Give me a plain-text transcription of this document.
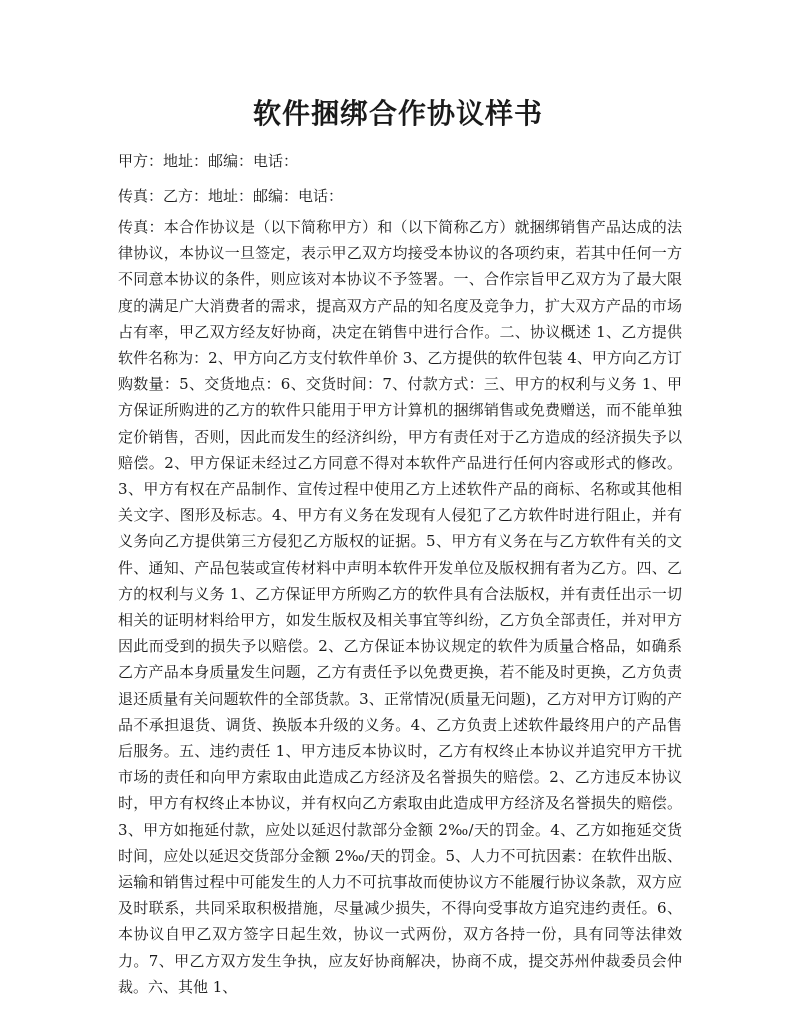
软件捆绑合作协议样书

甲方：地址：邮编：电话：

传真：乙方：地址：邮编：电话：

传真：本合作协议是（以下简称甲方）和（以下简称乙方）就捆绑销售产品达成的法律协议，本协议一旦签定，表示甲乙双方均接受本协议的各项约束，若其中任何一方不同意本协议的条件，则应该对本协议不予签署。一、合作宗旨甲乙双方为了最大限度的满足广大消费者的需求，提高双方产品的知名度及竞争力，扩大双方产品的市场占有率，甲乙双方经友好协商，决定在销售中进行合作。二、协议概述 1、乙方提供软件名称为：2、甲方向乙方支付软件单价 3、乙方提供的软件包装 4、甲方向乙方订购数量：5、交货地点：6、交货时间：7、付款方式：三、甲方的权利与义务 1、甲方保证所购进的乙方的软件只能用于甲方计算机的捆绑销售或免费赠送，而不能单独定价销售，否则，因此而发生的经济纠纷，甲方有责任对于乙方造成的经济损失予以赔偿。2、甲方保证未经过乙方同意不得对本软件产品进行任何内容或形式的修改。3、甲方有权在产品制作、宣传过程中使用乙方上述软件产品的商标、名称或其他相关文字、图形及标志。4、甲方有义务在发现有人侵犯了乙方软件时进行阻止，并有义务向乙方提供第三方侵犯乙方版权的证据。5、甲方有义务在与乙方软件有关的文件、通知、产品包装或宣传材料中声明本软件开发单位及版权拥有者为乙方。四、乙方的权利与义务 1、乙方保证甲方所购乙方的软件具有合法版权，并有责任出示一切相关的证明材料给甲方，如发生版权及相关事宜等纠纷，乙方负全部责任，并对甲方因此而受到的损失予以赔偿。2、乙方保证本协议规定的软件为质量合格品，如确系乙方产品本身质量发生问题，乙方有责任予以免费更换，若不能及时更换，乙方负责退还质量有关问题软件的全部货款。3、正常情况(质量无问题)，乙方对甲方订购的产品不承担退货、调货、换版本升级的义务。4、乙方负责上述软件最终用户的产品售后服务。五、违约责任 1、甲方违反本协议时，乙方有权终止本协议并追究甲方干扰市场的责任和向甲方索取由此造成乙方经济及名誉损失的赔偿。2、乙方违反本协议时，甲方有权终止本协议，并有权向乙方索取由此造成甲方经济及名誉损失的赔偿。3、甲方如拖延付款，应处以延迟付款部分金额 2‰/天的罚金。4、乙方如拖延交货时间，应处以延迟交货部分金额 2‰/天的罚金。5、人力不可抗因素：在软件出版、运输和销售过程中可能发生的人力不可抗事故而使协议方不能履行协议条款，双方应及时联系，共同采取积极措施，尽量减少损失，不得向受事故方追究违约责任。6、本协议自甲乙双方签字日起生效，协议一式两份，双方各持一份，具有同等法律效力。7、甲乙方双方发生争执，应友好协商解决，协商不成，提交苏州仲裁委员会仲裁。六、其他 1、
